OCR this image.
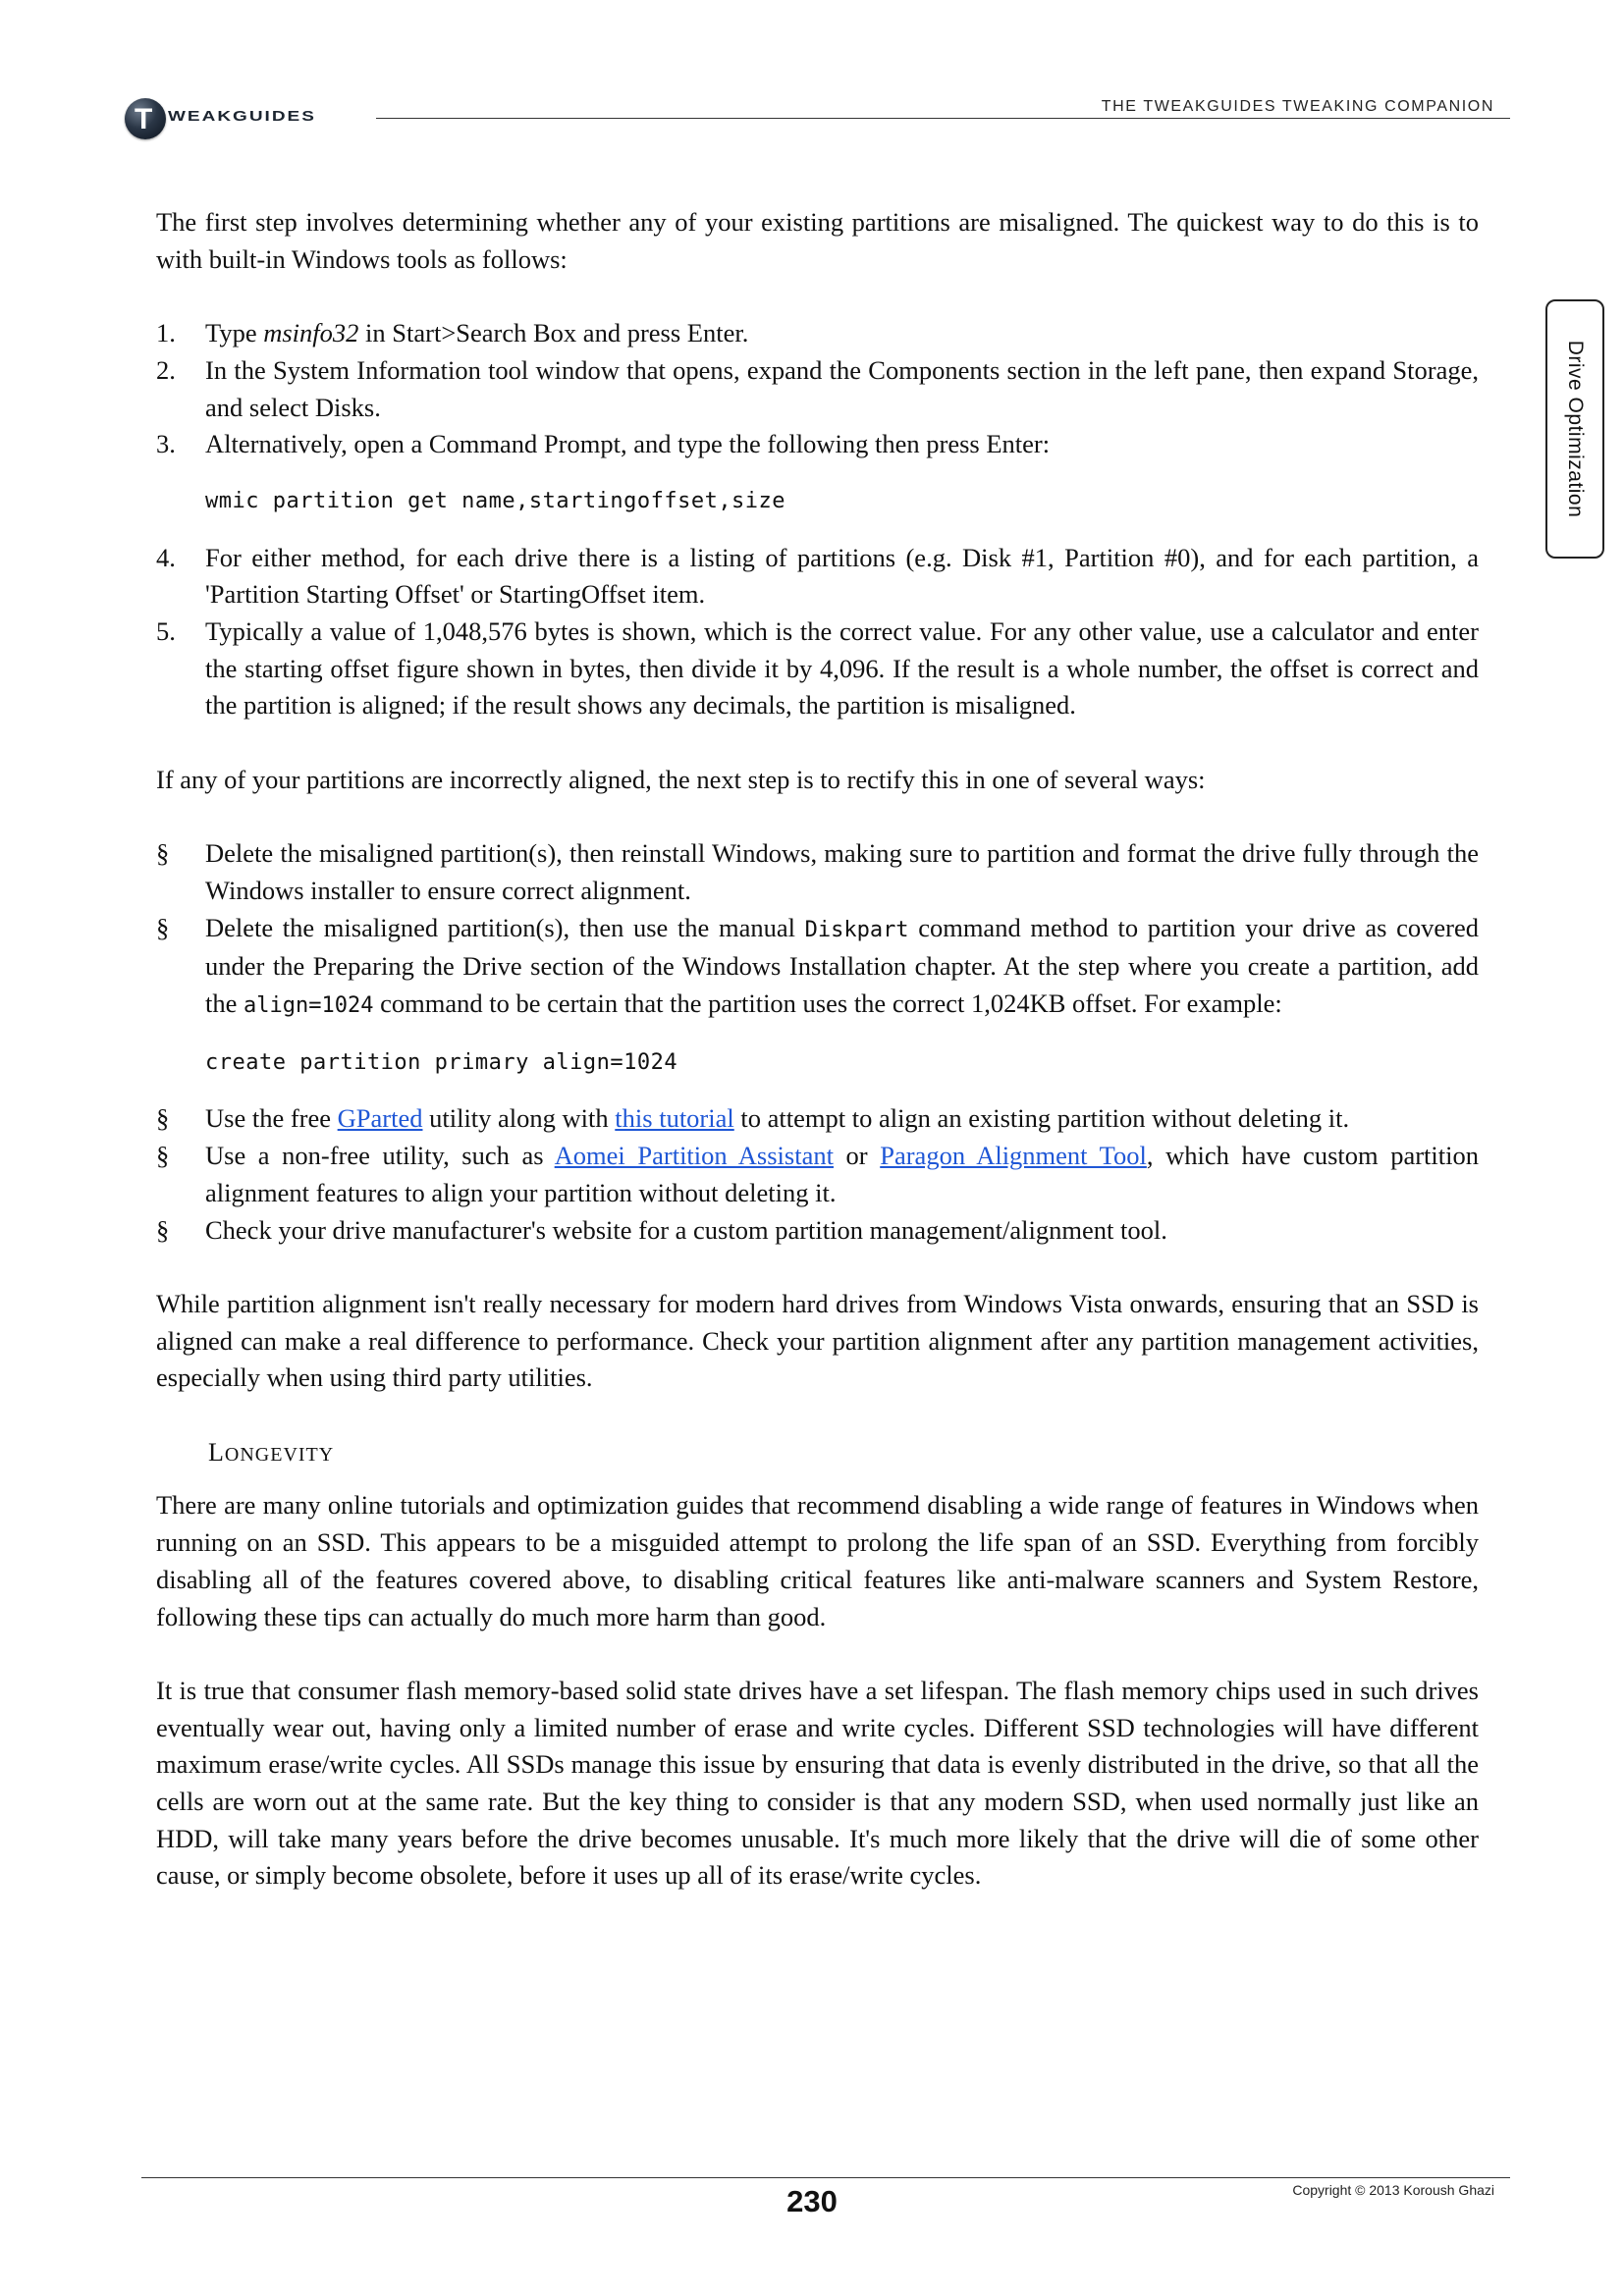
T WEAKGUIDES
THE TWEAKGUIDES TWEAKING COMPANION
Drive Optimization

The first step involves determining whether any of your existing partitions are misaligned. The quickest way to do this is to with built-in Windows tools as follows:

1.	Type msinfo32 in Start>Search Box and press Enter.

2.	In the System Information tool window that opens, expand the Components section in the left pane, then expand Storage, and select Disks.

3.	Alternatively, open a Command Prompt, and type the following then press Enter:

wmic partition get name,startingoffset,size

4.	For either method, for each drive there is a listing of partitions (e.g. Disk #1, Partition #0), and for each partition, a 'Partition Starting Offset' or StartingOffset item.

5.	Typically a value of 1,048,576 bytes is shown, which is the correct value. For any other value, use a calculator and enter the starting offset figure shown in bytes, then divide it by 4,096. If the result is a whole number, the offset is correct and the partition is aligned; if the result shows any decimals, the partition is misaligned.

If any of your partitions are incorrectly aligned, the next step is to rectify this in one of several ways:

§	Delete the misaligned partition(s), then reinstall Windows, making sure to partition and format the drive fully through the Windows installer to ensure correct alignment.

§	Delete the misaligned partition(s), then use the manual Diskpart command method to partition your drive as covered under the Preparing the Drive section of the Windows Installation chapter. At the step where you create a partition, add the align=1024 command to be certain that the partition uses the correct 1,024KB offset. For example:

create partition primary align=1024

§	Use the free GParted utility along with this tutorial to attempt to align an existing partition without deleting it.

§	Use a non-free utility, such as Aomei Partition Assistant or Paragon Alignment Tool, which have custom partition alignment features to align your partition without deleting it.

§	Check your drive manufacturer's website for a custom partition management/alignment tool.

While partition alignment isn't really necessary for modern hard drives from Windows Vista onwards, ensuring that an SSD is aligned can make a real difference to performance. Check your partition alignment after any partition management activities, especially when using third party utilities.

LONGEVITY

There are many online tutorials and optimization guides that recommend disabling a wide range of features in Windows when running on an SSD. This appears to be a misguided attempt to prolong the life span of an SSD. Everything from forcibly disabling all of the features covered above, to disabling critical features like anti-malware scanners and System Restore, following these tips can actually do much more harm than good.

It is true that consumer flash memory-based solid state drives have a set lifespan. The flash memory chips used in such drives eventually wear out, having only a limited number of erase and write cycles. Different SSD technologies will have different maximum erase/write cycles. All SSDs manage this issue by ensuring that data is evenly distributed in the drive, so that all the cells are worn out at the same rate. But the key thing to consider is that any modern SSD, when used normally just like an HDD, will take many years before the drive becomes unusable. It's much more likely that the drive will die of some other cause, or simply become obsolete, before it uses up all of its erase/write cycles.

230	Copyright © 2013 Koroush Ghazi
